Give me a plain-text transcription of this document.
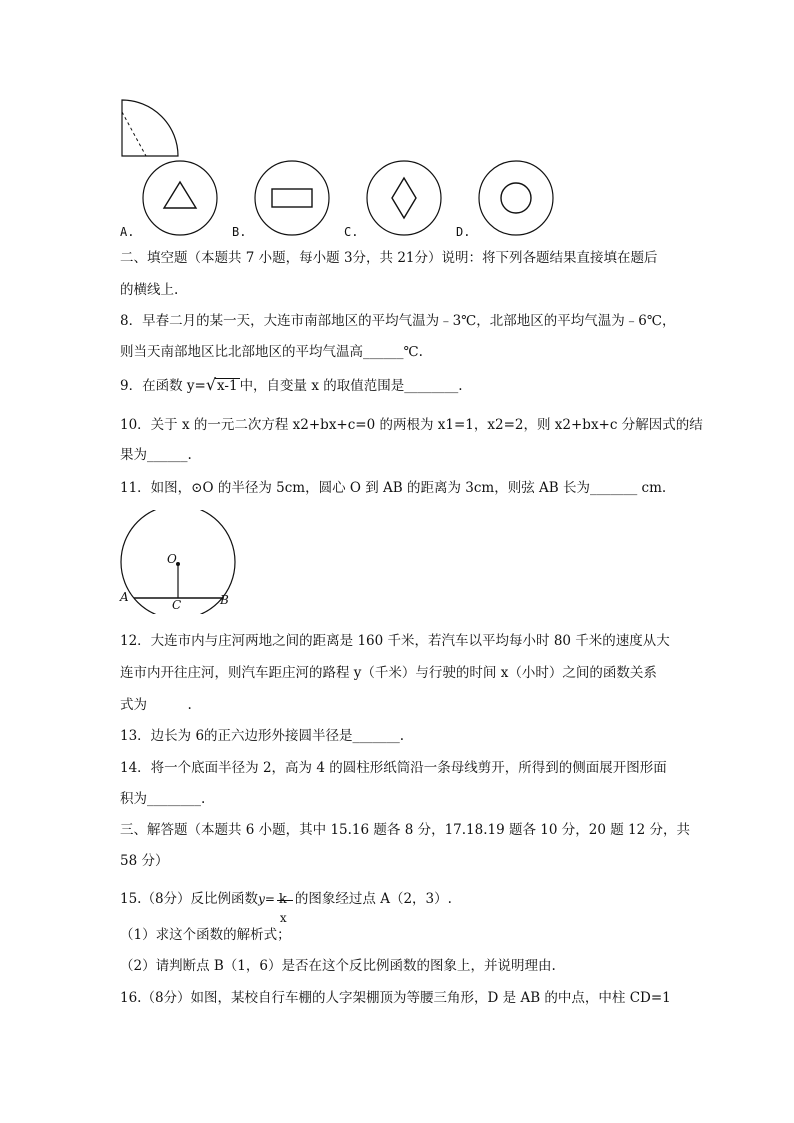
A.	B.	C.	D.
二、填空题（本题共 7 小题，每小题 3分，共 21分）说明：将下列各题结果直接填在题后
的横线上.
8．早春二月的某一天，大连市南部地区的平均气温为﹣3℃，北部地区的平均气温为﹣6℃，
则当天南部地区比北部地区的平均气温高______℃.
9．在函数 y=√x-1 中，自变量 x 的取值范围是________.
10．关于 x 的一元二次方程 x2+bx+c=0 的两根为 x1=1，x2=2，则 x2+bx+c 分解因式的结
果为______.
11．如图，⊙O 的半径为 5cm，圆心 O 到 AB 的距离为 3cm，则弦 AB 长为_______ cm.
O
A	B
C
12．大连市内与庄河两地之间的距离是 160 千米，若汽车以平均每小时 80 千米的速度从大
连市内开往庄河，则汽车距庄河的路程 y（千米）与行驶的时间 x（小时）之间的函数关系
式为　　　.
13．边长为 6的正六边形外接圆半径是_______.
14．将一个底面半径为 2，高为 4 的圆柱形纸筒沿一条母线剪开，所得到的侧面展开图形面
积为________.
三、解答题（本题共 6 小题，其中 15.16 题各 8 分，17.18.19 题各 10 分，20 题 12 分，共
58 分）
15.（8分）反比例函数y= k
x
的图象经过点 A（2，3）.
（1）求这个函数的解析式；
（2）请判断点 B（1，6）是否在这个反比例函数的图象上，并说明理由.
16.（8分）如图，某校自行车棚的人字架棚顶为等腰三角形，D 是 AB 的中点，中柱 CD=1
